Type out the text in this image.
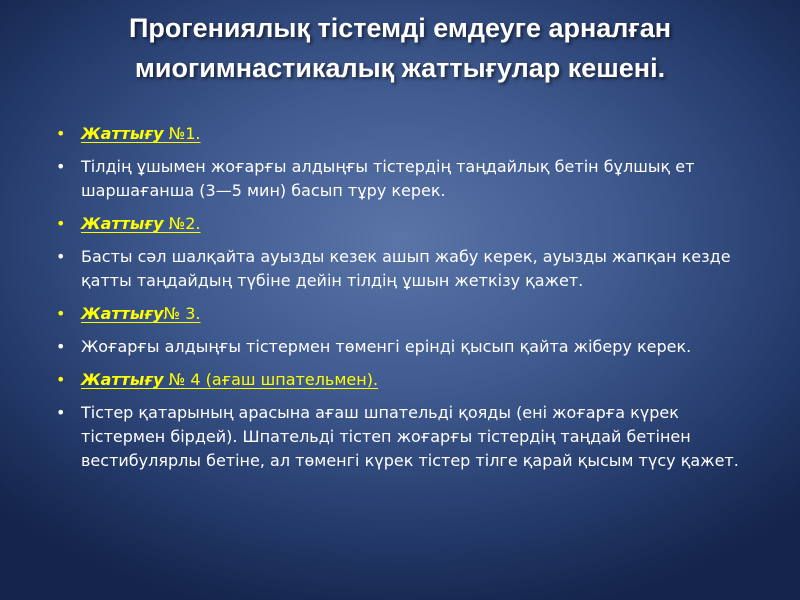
Прогениялық тістемді емдеуге арналған
миогимнастикалық жаттығулар кешені.
• Жаттығу №1.
• Тілдің ұшымен жоғарғы алдыңғы тістердің таңдайлық бетін бұлшық ет шаршағанша (3—5 мин) басып тұру керек.
• Жаттығу №2.
• Басты сәл шалқайта ауызды кезек ашып жабу керек, ауызды жапқан кезде қатты таңдайдың түбіне дейін тілдің ұшын жеткізу қажет.
• Жаттығу№ 3.
• Жоғарғы алдыңғы тістермен төменгі ерінді қысып қайта жіберу керек.
• Жаттығу № 4 (ағаш шпательмен).
• Тістер қатарының арасына ағаш шпательді қояды (ені жоғарға күрек тістермен бірдей). Шпательді тістеп жоғарғы тістердің таңдай бетінен вестибулярлы бетіне, ал төменгі күрек тістер тілге қарай қысым түсу қажет.
